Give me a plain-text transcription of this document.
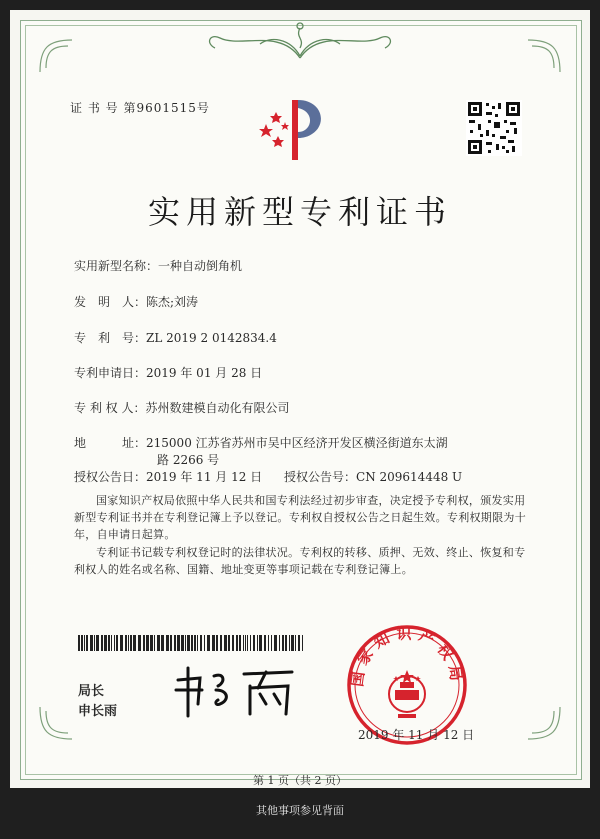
证 书 号 第9601515号
实用新型专利证书
实用新型名称：一种自动倒角机
发　明　人：陈杰;刘涛
专　利　号：ZL 2019 2 0142834.4
专利申请日：2019 年 01 月 28 日
专 利 权 人：苏州数建模自动化有限公司
地　　　址：215000 江苏省苏州市吴中区经济开发区横泾街道东太湖
路 2266 号
授权公告日：2019 年 11 月 12 日 授权公告号：CN 209614448 U
国家知识产权局依照中华人民共和国专利法经过初步审查，决定授予专利权，颁发实用新型专利证书并在专利登记簿上予以登记。专利权自授权公告之日起生效。专利权期限为十年，自申请日起算。
专利证书记载专利权登记时的法律状况。专利权的转移、质押、无效、终止、恢复和专利权人的姓名或名称、国籍、地址变更等事项记载在专利登记簿上。
局长
申长雨
国家知识产权局
2019 年 11 月 12 日
第 1 页（共 2 页）
其他事项参见背面
